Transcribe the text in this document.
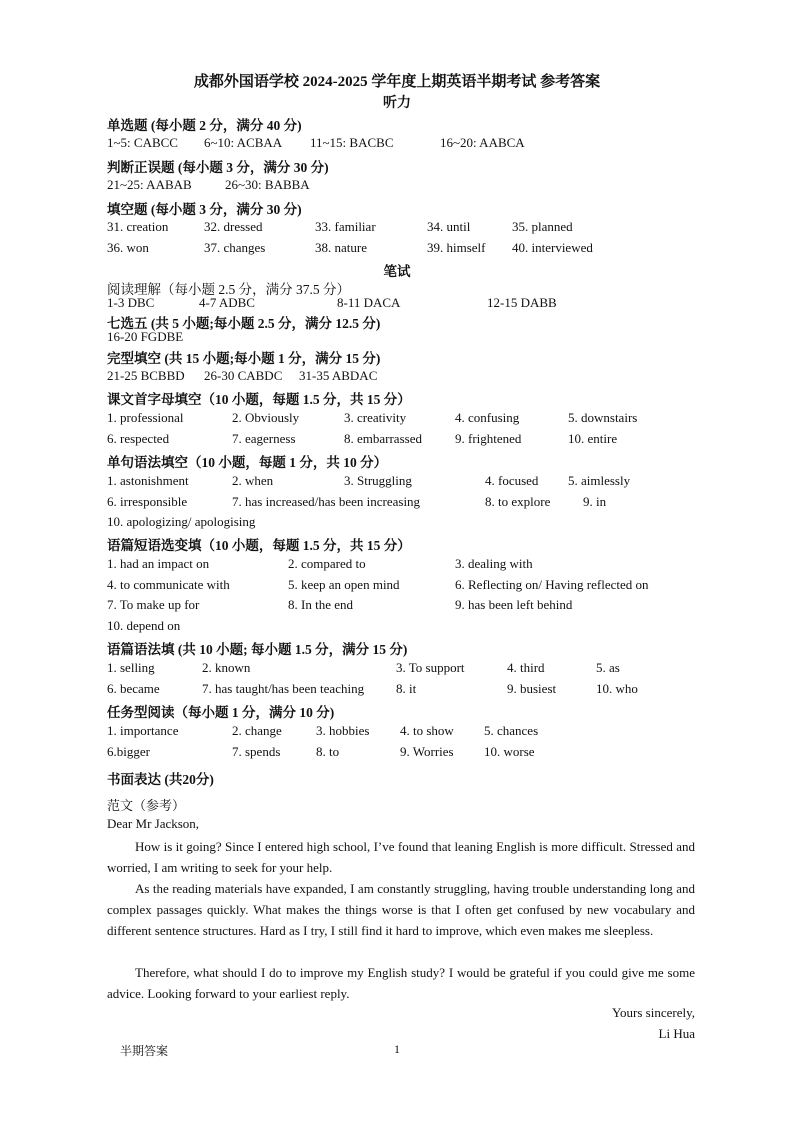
成都外国语学校 2024-2025 学年度上期英语半期考试 参考答案
听力
单选题 (每小题 2 分，满分 40 分)
1~5: CABCC 6~10: ACBAA 11~15: BACBC	16~20: AABCA
判断正误题 (每小题 3 分，满分 30 分)
21~25: AABAB	26~30: BABBA
填空题 (每小题 3 分，满分 30 分)
31. creation	32. dressed	33. familiar	34. until	35. planned
36. won	37. changes	38. nature	39. himself 40. interviewed
笔试
阅读理解（每小题 2.5 分，满分 37.5 分）
1-3 DBC	4-7 ADBC	8-11 DACA	12-15 DABB
七选五 (共 5 小题;每小题 2.5 分，满分 12.5 分)
16-20 FGDBE
完型填空 (共 15 小题;每小题 1 分，满分 15 分)
21-25 BCBBD 26-30 CABDC 31-35 ABDAC
课文首字母填空（10 小题，每题 1.5 分，共 15 分）
1. professional	2. Obviously	3. creativity	4. confusing	5. downstairs
6. respected	7. eagerness	8. embarrassed	9. frightened	10. entire
单句语法填空（10 小题，每题 1 分，共 10 分）
1. astonishment	2. when	3. Struggling	4. focused 5. aimlessly
6. irresponsible	7. has increased/has been increasing	8. to explore	9. in
10. apologizing/ apologising
语篇短语选变填（10 小题，每题 1.5 分，共 15 分）
1. had an impact on	2. compared to	3. dealing with
4. to communicate with	5. keep an open mind	6. Reflecting on/ Having reflected on
7. To make up for	8. In the end	9. has been left behind
10. depend on
语篇语法填 (共 10 小题; 每小题 1.5 分，满分 15 分)
1. selling	2. known	3. To support	4. third	5. as
6. became	7. has taught/has been teaching 8. it	9. busiest	10. who
任务型阅读（每小题 1 分，满分 10 分)
1. importance	2. change	3. hobbies 4. to show 5. chances
6.bigger	7. spends	8. to	9. Worries 10. worse
书面表达 (共20分)
范文（参考）
Dear Mr Jackson,
How is it going? Since I entered high school, I’ve found that leaning English is more difficult. Stressed and worried, I am writing to seek for your help.
As the reading materials have expanded, I am constantly struggling, having trouble understanding long and complex passages quickly. What makes the things worse is that I often get confused by new vocabulary and different sentence structures. Hard as I try, I still find it hard to improve, which even makes me sleepless.
Therefore, what should I do to improve my English study? I would be grateful if you could give me some advice. Looking forward to your earliest reply.
Yours sincerely,
Li Hua
半期答案	1
